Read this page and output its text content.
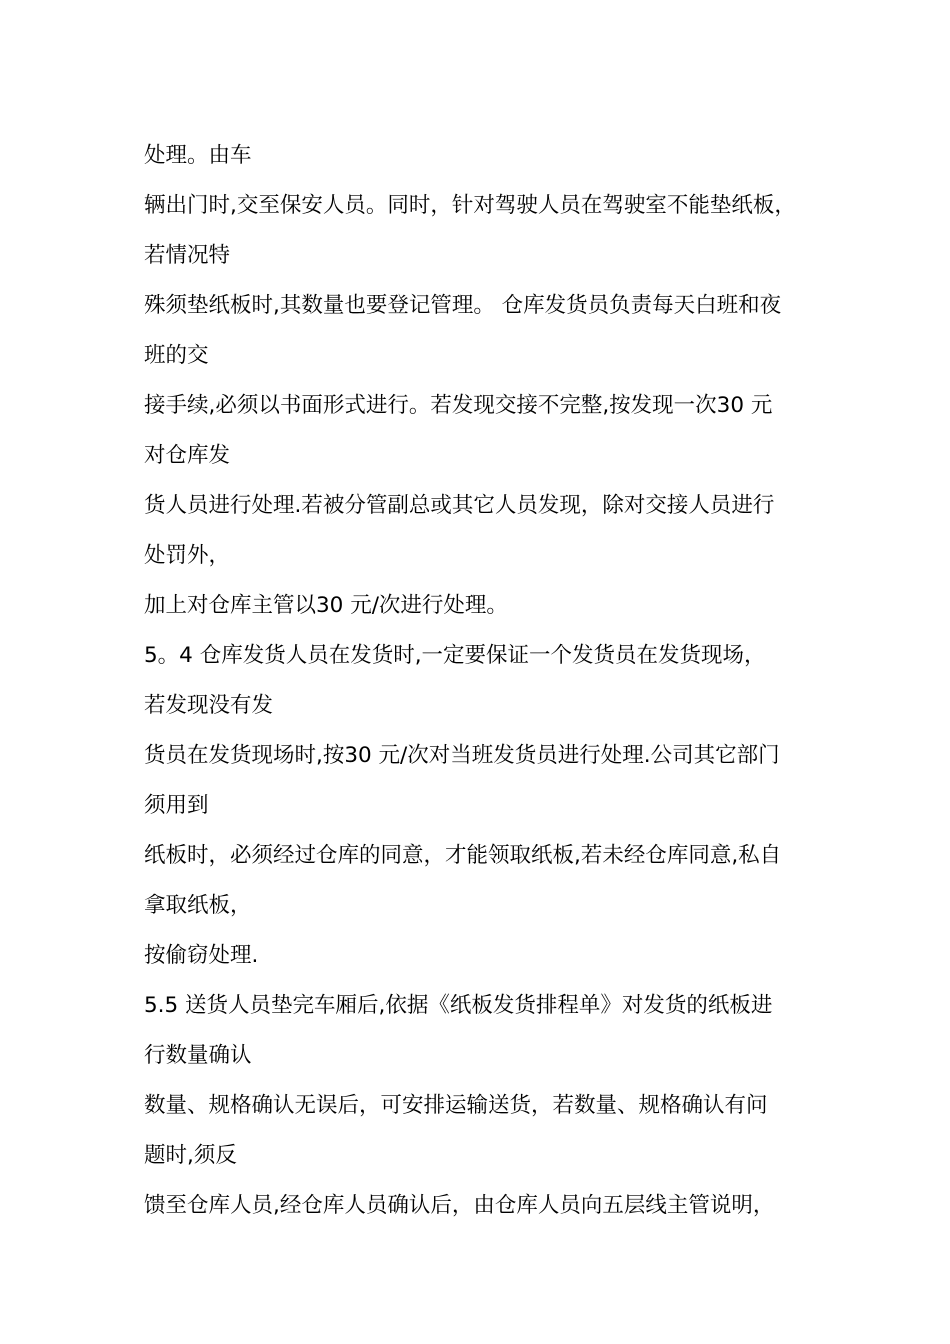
处理。由车

辆出门时,交至保安人员。同时，针对驾驶人员在驾驶室不能垫纸板，

若情况特

殊须垫纸板时,其数量也要登记管理。 仓库发货员负责每天白班和夜

班的交

接手续,必须以书面形式进行。若发现交接不完整,按发现一次30 元

对仓库发

货人员进行处理.若被分管副总或其它人员发现，除对交接人员进行

处罚外，

加上对仓库主管以30 元/次进行处理。

5。4 仓库发货人员在发货时,一定要保证一个发货员在发货现场，

若发现没有发

货员在发货现场时,按30 元/次对当班发货员进行处理.公司其它部门

须用到

纸板时，必须经过仓库的同意，才能领取纸板,若未经仓库同意,私自

拿取纸板，

按偷窃处理.

5.5 送货人员垫完车厢后,依据《纸板发货排程单》对发货的纸板进

行数量确认

数量、规格确认无误后，可安排运输送货，若数量、规格确认有问

题时,须反

馈至仓库人员,经仓库人员确认后，由仓库人员向五层线主管说明，
